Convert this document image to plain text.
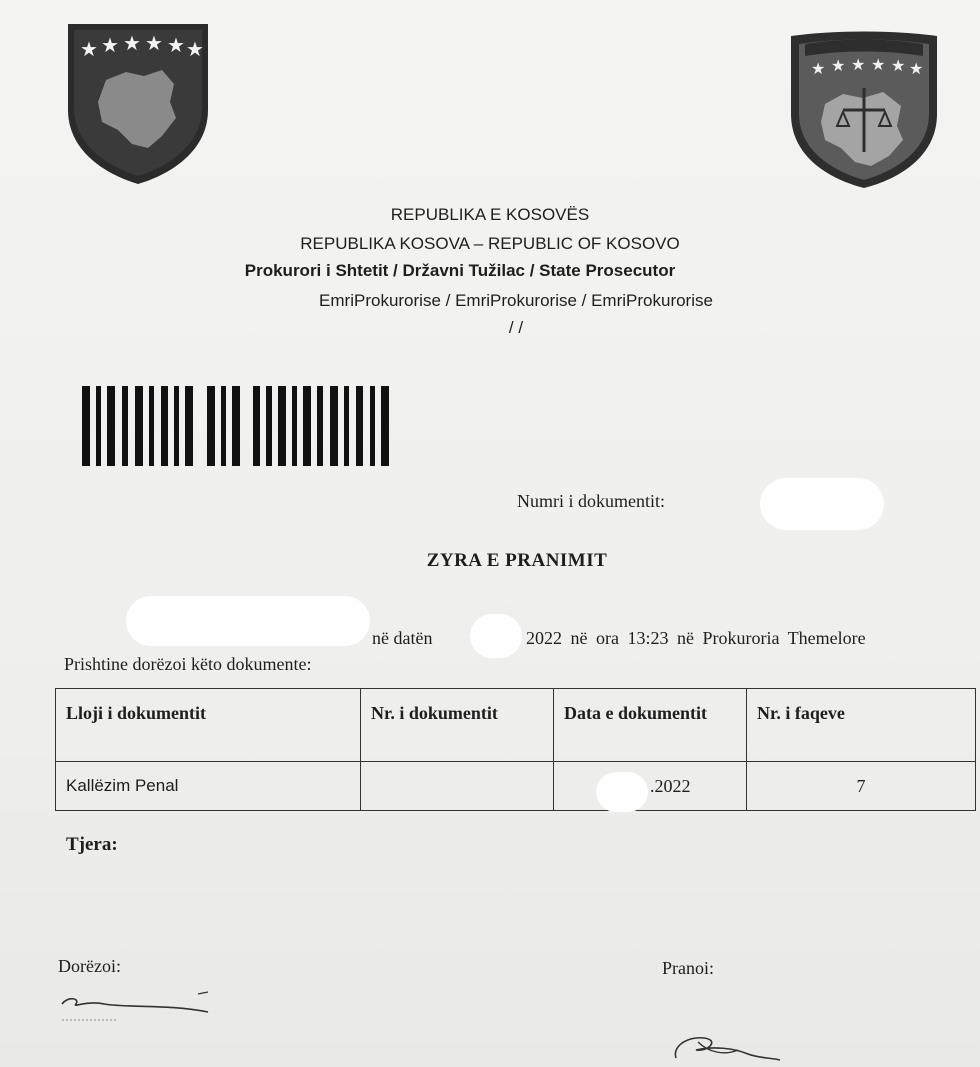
★ ★ ★ ★ ★ ★
★ ★ ★ ★ ★ ★
REPUBLIKA E KOSOVËS
REPUBLIKA KOSOVA – REPUBLIC OF KOSOVO
Prokurori i Shtetit / Državni Tužilac / State Prosecutor
EmriProkurorise / EmriProkurorise / EmriProkurorise
/ /
Numri i dokumentit:
ZYRA E PRANIMIT
në datën	2022 në ora 13:23 në Prokuroria Themelore
Prishtine dorëzoi këto dokumente:
Lloji i dokumentit	Nr. i dokumentit	Data e dokumentit	Nr. i faqeve
Kallëzim Penal		.2022	7
Tjera:
Dorëzoi:	Pranoi:
